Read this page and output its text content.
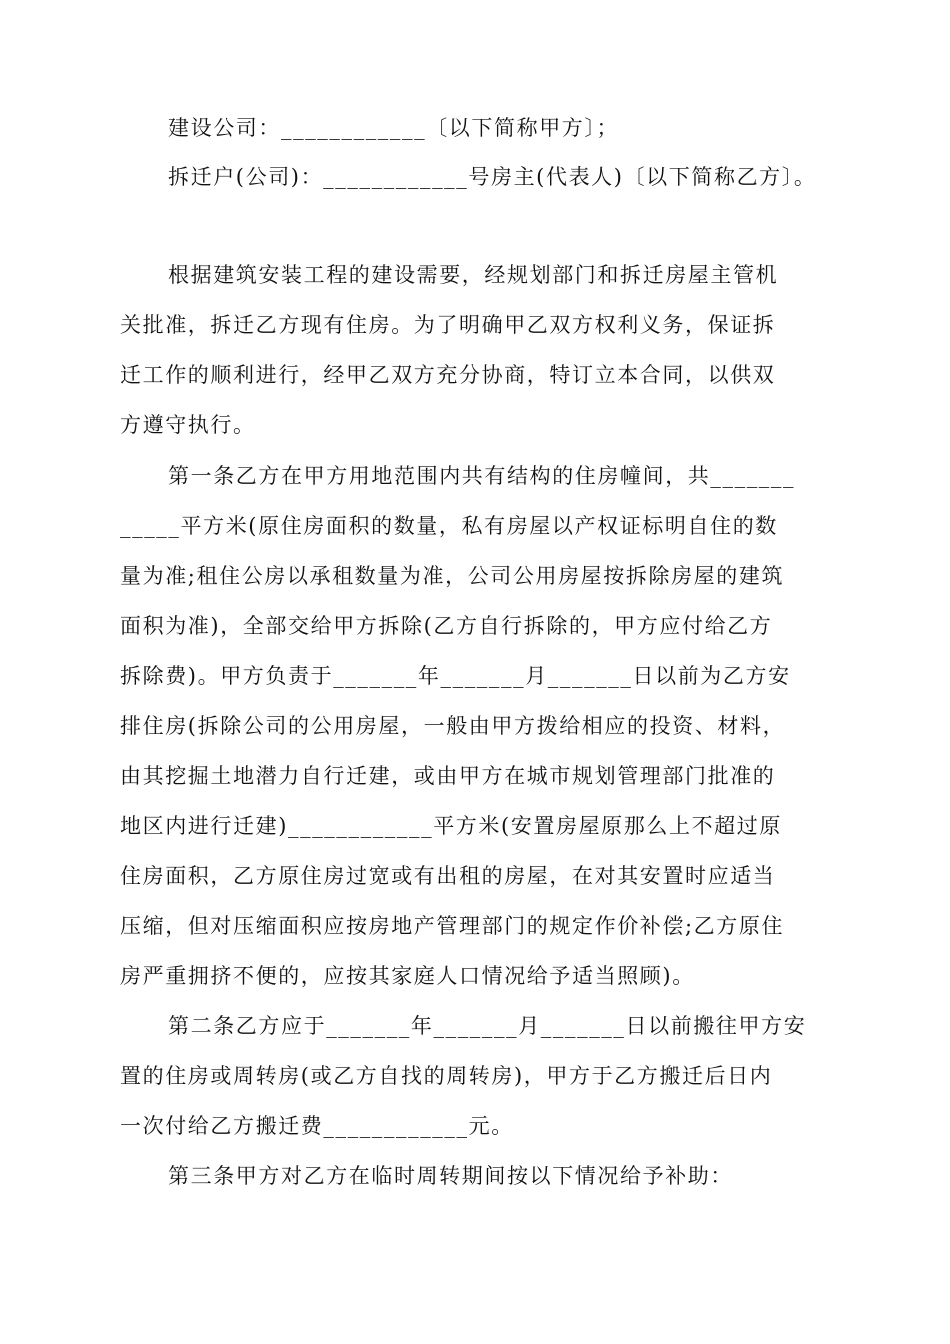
建设公司：____________〔以下简称甲方〕；
拆迁户(公司)：____________号房主(代表人)〔以下简称乙方〕。
根据建筑安装工程的建设需要，经规划部门和拆迁房屋主管机
关批准，拆迁乙方现有住房。为了明确甲乙双方权利义务，保证拆
迁工作的顺利进行，经甲乙双方充分协商，特订立本合同，以供双
方遵守执行。
第一条乙方在甲方用地范围内共有结构的住房幢间，共_______
_____平方米(原住房面积的数量，私有房屋以产权证标明自住的数
量为准;租住公房以承租数量为准，公司公用房屋按拆除房屋的建筑
面积为准)，全部交给甲方拆除(乙方自行拆除的，甲方应付给乙方
拆除费)。甲方负责于_______年_______月_______日以前为乙方安
排住房(拆除公司的公用房屋，一般由甲方拨给相应的投资、材料，
由其挖掘土地潜力自行迁建，或由甲方在城市规划管理部门批准的
地区内进行迁建)____________平方米(安置房屋原那么上不超过原
住房面积，乙方原住房过宽或有出租的房屋，在对其安置时应适当
压缩，但对压缩面积应按房地产管理部门的规定作价补偿;乙方原住
房严重拥挤不便的，应按其家庭人口情况给予适当照顾)。
第二条乙方应于_______年_______月_______日以前搬往甲方安
置的住房或周转房(或乙方自找的周转房)，甲方于乙方搬迁后日内
一次付给乙方搬迁费____________元。
第三条甲方对乙方在临时周转期间按以下情况给予补助：
